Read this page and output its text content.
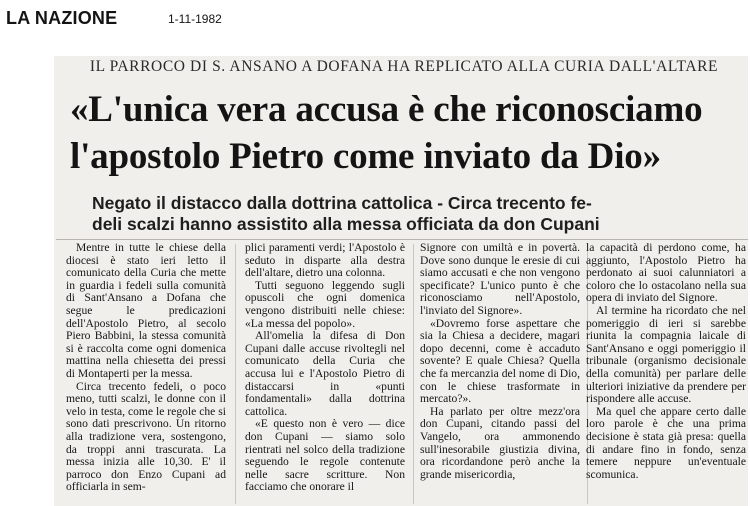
LA NAZIONE	1-11-1982
IL PARROCO DI S. ANSANO A DOFANA HA REPLICATO ALLA CURIA DALL'ALTARE
«L'unica vera accusa è che riconosciamo
l'apostolo Pietro come inviato da Dio»
Negato il distacco dalla dottrina cattolica - Circa trecento fe-
deli scalzi hanno assistito alla messa officiata da don Cupani

Mentre in tutte le chiese della diocesi è stato ieri letto il comunicato della Curia che mette in guardia i fedeli sulla comunità di Sant'Ansano a Dofana che segue le predicazioni dell'Apostolo Pietro, al secolo Piero Babbini, la stessa comunità si è raccolta come ogni domenica mattina nella chiesetta dei pressi di Montaperti per la messa.

Circa trecento fedeli, o poco meno, tutti scalzi, le donne con il velo in testa, come le regole che si sono dati prescrivono. Un ritorno alla tradizione vera, sostengono, da troppi anni trascurata. La messa inizia alle 10,30. E' il parroco don Enzo Cupani ad officiarla in sem-

plici paramenti verdi; l'Apostolo è seduto in disparte alla destra dell'altare, dietro una colonna.

Tutti seguono leggendo sugli opuscoli che ogni domenica vengono distribuiti nelle chiese: «La messa del popolo».

All'omelia la difesa di Don Cupani dalle accuse rivoltegli nel comunicato della Curia che accusa lui e l'Apostolo Pietro di distaccarsi in «punti fondamentali» dalla dottrina cattolica.

«E questo non è vero — dice don Cupani — siamo solo rientrati nel solco della tradizione seguendo le regole contenute nelle sacre scritture. Non facciamo che onorare il

Signore con umiltà e in povertà. Dove sono dunque le eresie di cui siamo accusati e che non vengono specificate? L'unico punto è che riconosciamo nell'Apostolo, l'inviato del Signore».

«Dovremo forse aspettare che sia la Chiesa a decidere, magari dopo decenni, come è accaduto sovente? E quale Chiesa? Quella che fa mercanzia del nome di Dio, con le chiese trasformate in mercato?».

Ha parlato per oltre mezz'ora don Cupani, citando passi del Vangelo, ora ammonendo sull'inesorabile giustizia divina, ora ricordandone però anche la grande misericordia,

la capacità di perdono come, ha aggiunto, l'Apostolo Pietro ha perdonato ai suoi calunniatori a coloro che lo ostacolano nella sua opera di inviato del Signore.

Al termine ha ricordato che nel pomeriggio di ieri si sarebbe riunita la compagnia laicale di Sant'Ansano e oggi pomeriggio il tribunale (organismo decisionale della comunità) per parlare delle ulteriori iniziative da prendere per rispondere alle accuse.

Ma quel che appare certo dalle loro parole è che una prima decisione è stata già presa: quella di andare fino in fondo, senza temere neppure un'eventuale scomunica.
